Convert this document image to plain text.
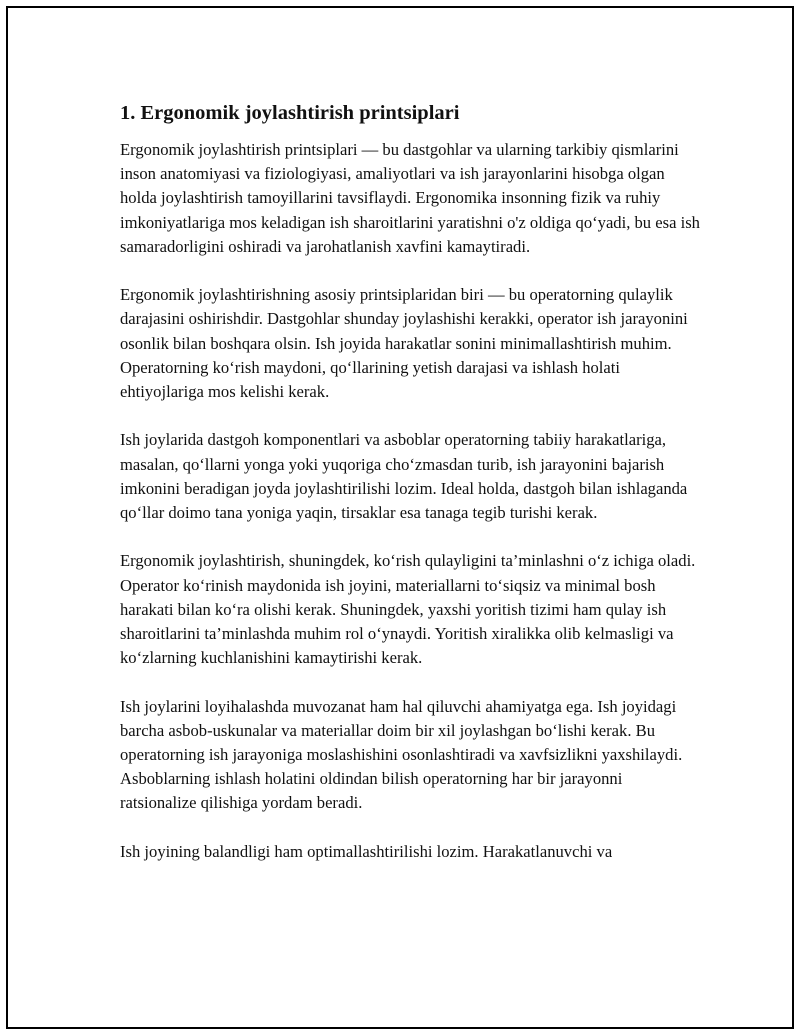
1. Ergonomik joylashtirish printsiplari

Ergonomik joylashtirish printsiplari — bu dastgohlar va ularning tarkibiy qismlarini inson anatomiyasi va fiziologiyasi, amaliyotlari va ish jarayonlarini hisobga olgan holda joylashtirish tamoyillarini tavsiflaydi. Ergonomika insonning fizik va ruhiy imkoniyatlariga mos keladigan ish sharoitlarini yaratishni o'z oldiga qo‘yadi, bu esa ish samaradorligini oshiradi va jarohatlanish xavfini kamaytiradi.

Ergonomik joylashtirishning asosiy printsiplaridan biri — bu operatorning qulaylik darajasini oshirishdir. Dastgohlar shunday joylashishi kerakki, operator ish jarayonini osonlik bilan boshqara olsin. Ish joyida harakatlar sonini minimallashtirish muhim. Operatorning ko‘rish maydoni, qo‘llarining yetish darajasi va ishlash holati ehtiyojlariga mos kelishi kerak.

Ish joylarida dastgoh komponentlari va asboblar operatorning tabiiy harakatlariga, masalan, qo‘llarni yonga yoki yuqoriga cho‘zmasdan turib, ish jarayonini bajarish imkonini beradigan joyda joylashtirilishi lozim. Ideal holda, dastgoh bilan ishlaganda qo‘llar doimo tana yoniga yaqin, tirsaklar esa tanaga tegib turishi kerak.

Ergonomik joylashtirish, shuningdek, ko‘rish qulayligini ta’minlashni o‘z ichiga oladi. Operator ko‘rinish maydonida ish joyini, materiallarni to‘siqsiz va minimal bosh harakati bilan ko‘ra olishi kerak. Shuningdek, yaxshi yoritish tizimi ham qulay ish sharoitlarini ta’minlashda muhim rol o‘ynaydi. Yoritish xiralikka olib kelmasligi va ko‘zlarning kuchlanishini kamaytirishi kerak.

Ish joylarini loyihalashda muvozanat ham hal qiluvchi ahamiyatga ega. Ish joyidagi barcha asbob-uskunalar va materiallar doim bir xil joylashgan bo‘lishi kerak. Bu operatorning ish jarayoniga moslashishini osonlashtiradi va xavfsizlikni yaxshilaydi. Asboblarning ishlash holatini oldindan bilish operatorning har bir jarayonni ratsionalize qilishiga yordam beradi.

Ish joyining balandligi ham optimallashtirilishi lozim. Harakatlanuvchi va
